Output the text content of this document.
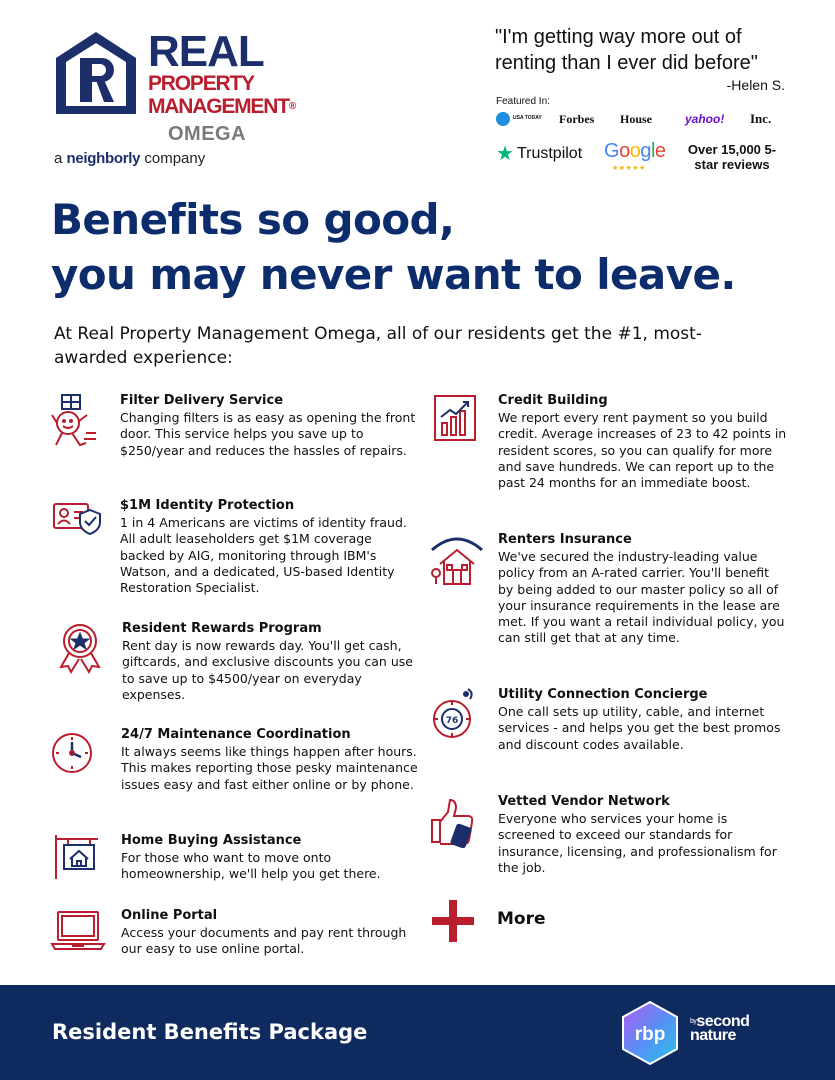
REAL
PROPERTY
MANAGEMENT®
OMEGA
a neighborly company
"I'm getting way more out of renting than I ever did before"
-Helen S.
Featured In:
USA TODAY Forbes House	yahoo! Inc.
★ Trustpilot Google
★★★★★
Over 15,000 5-star reviews
Benefits so good,
you may never want to leave.
At Real Property Management Omega, all of our residents get the #1, most-awarded experience:
Filter Delivery Service
Changing filters is as easy as opening the front door. This service helps you save up to $250/year and reduces the hassles of repairs.
$1M Identity Protection
1 in 4 Americans are victims of identity fraud. All adult leaseholders get $1M coverage backed by AIG, monitoring through IBM's Watson, and a dedicated, US-based Identity Restoration Specialist.
Resident Rewards Program
Rent day is now rewards day. You'll get cash, giftcards, and exclusive discounts you can use to save up to $4500/year on everyday expenses.
24/7 Maintenance Coordination
It always seems like things happen after hours. This makes reporting those pesky maintenance issues easy and fast either online or by phone.
Home Buying Assistance
For those who want to move onto homeownership, we'll help you get there.
Online Portal
Access your documents and pay rent through our easy to use online portal.
Credit Building
We report every rent payment so you build credit. Average increases of 23 to 42 points in resident scores, so you can qualify for more and save hundreds. We can report up to the past 24 months for an immediate boost.
Renters Insurance
We've secured the industry-leading value policy from an A-rated carrier. You'll benefit by being added to our master policy so all of your insurance requirements in the lease are met. If you want a retail individual policy, you can still get that at any time.
76
Utility Connection Concierge
One call sets up utility, cable, and internet services - and helps you get the best promos and discount codes available.
Vetted Vendor Network
Everyone who services your home is screened to exceed our standards for insurance, licensing, and professionalism for the job.
More
Resident Benefits Package	rbp
$^{by}$second
nature
